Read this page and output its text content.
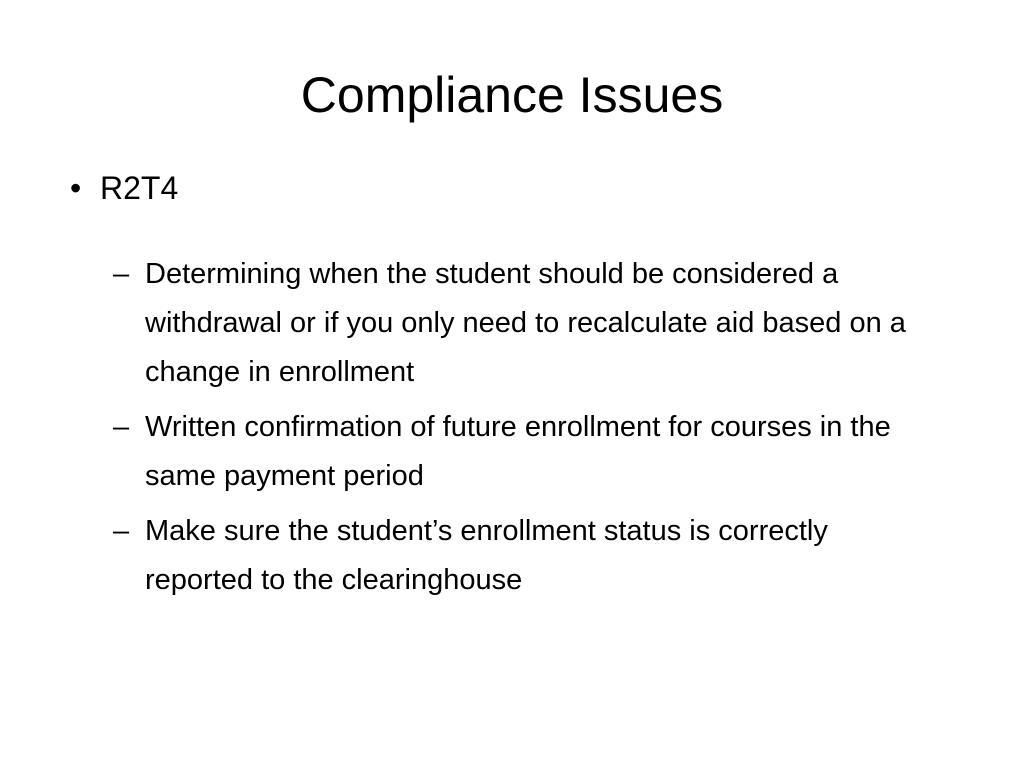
Compliance Issues
• R2T4
– Determining when the student should be considered a withdrawal or if you only need to recalculate aid based on a change in enrollment
– Written confirmation of future enrollment for courses in the same payment period
– Make sure the student’s enrollment status is correctly reported to the clearinghouse
